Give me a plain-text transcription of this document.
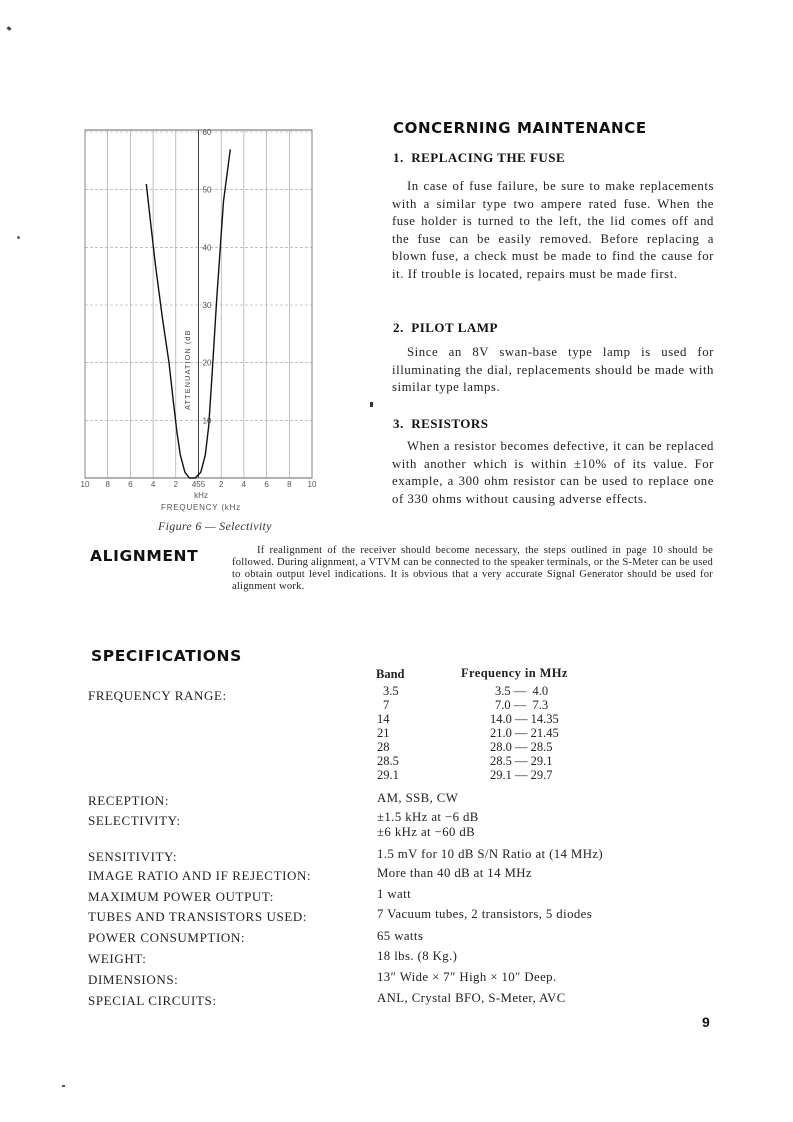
60
50
40
30
20
10
10 8 6 4 2 455 2 4 6 8 10
ATTENUATION (dB
kHz
FREQUENCY (kHz
Figure 6 — Selectivity
CONCERNING MAINTENANCE
1.  REPLACING THE FUSE
In case of fuse failure, be sure to make replacements with a similar type two ampere rated fuse. When the fuse holder is turned to the left, the lid comes off and the fuse can be easily removed. Before replacing a blown fuse, a check must be made to find the cause for it. If trouble is located, repairs must be made first.
2.  PILOT LAMP
Since an 8V swan-base type lamp is used for illuminating the dial, replacements should be made with similar type lamps.
3.  RESISTORS
When a resistor becomes defective, it can be replaced with another which is within ±10% of its value. For example, a 300 ohm resistor can be used to replace one of 330 ohms without causing adverse effects.
ALIGNMENT	If realignment of the receiver should become necessary, the steps outlined in page 10 should be followed. During alignment, a VTVM can be connected to the speaker terminals, or the S-Meter can be used to obtain output level indications. It is obvious that a very accurate Signal Generator should be used for alignment work.
SPECIFICATIONS
Band	Frequency in MHz
FREQUENCY RANGE:	3.5	3.5 —  4.0
7	7.0 —  7.3
14	14.0 — 14.35
21	21.0 — 21.45
28	28.0 — 28.5
28.5	28.5 — 29.1
29.1	29.1 — 29.7
RECEPTION:	AM, SSB, CW
SELECTIVITY:	±1.5 kHz at −6 dB
±6 kHz at −60 dB
SENSITIVITY:	1.5 mV for 10 dB S/N Ratio at (14 MHz)
IMAGE RATIO AND IF REJECTION:	More than 40 dB at 14 MHz
MAXIMUM POWER OUTPUT:	1 watt
TUBES AND TRANSISTORS USED:	7 Vacuum tubes, 2 transistors, 5 diodes
POWER CONSUMPTION:	65 watts
WEIGHT:	18 lbs. (8 Kg.)
DIMENSIONS:	13″ Wide × 7″ High × 10″ Deep.
SPECIAL CIRCUITS:	ANL, Crystal BFO, S-Meter, AVC
9
